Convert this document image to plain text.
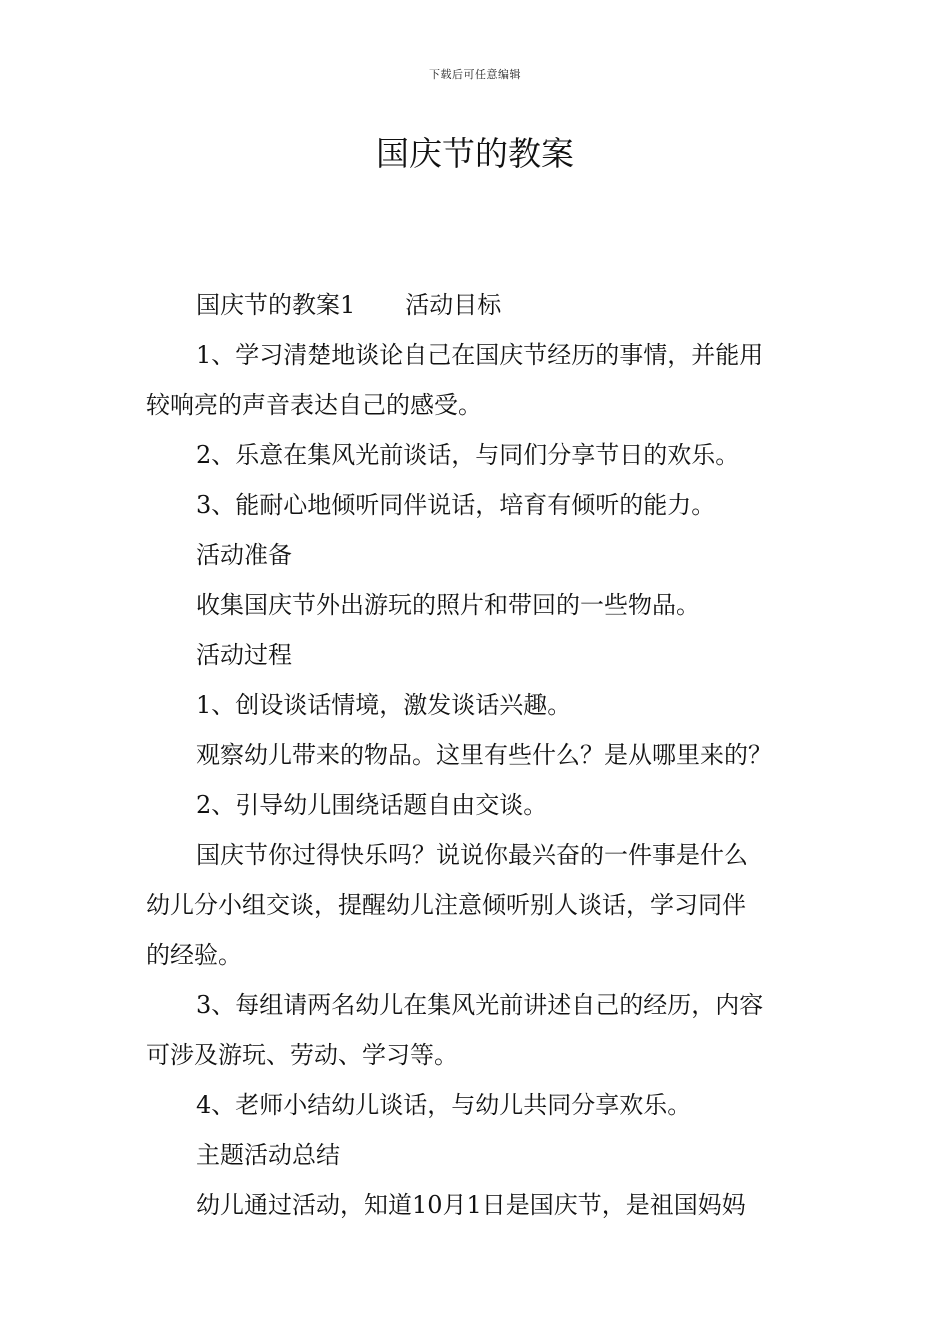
下载后可任意编辑
国庆节的教案

国庆节的教案1 活动目标

1、学习清楚地谈论自己在国庆节经历的事情，并能用

较响亮的声音表达自己的感受。

2、乐意在集风光前谈话，与同们分享节日的欢乐。

3、能耐心地倾听同伴说话，培育有倾听的能力。

活动准备

收集国庆节外出游玩的照片和带回的一些物品。

活动过程

1、创设谈话情境，激发谈话兴趣。

观察幼儿带来的物品。这里有些什么？是从哪里来的？

2、引导幼儿围绕话题自由交谈。

国庆节你过得快乐吗？说说你最兴奋的一件事是什么

幼儿分小组交谈，提醒幼儿注意倾听别人谈话，学习同伴

的经验。

3、每组请两名幼儿在集风光前讲述自己的经历，内容

可涉及游玩、劳动、学习等。

4、老师小结幼儿谈话，与幼儿共同分享欢乐。

主题活动总结

幼儿通过活动，知道10月1日是国庆节，是祖国妈妈
